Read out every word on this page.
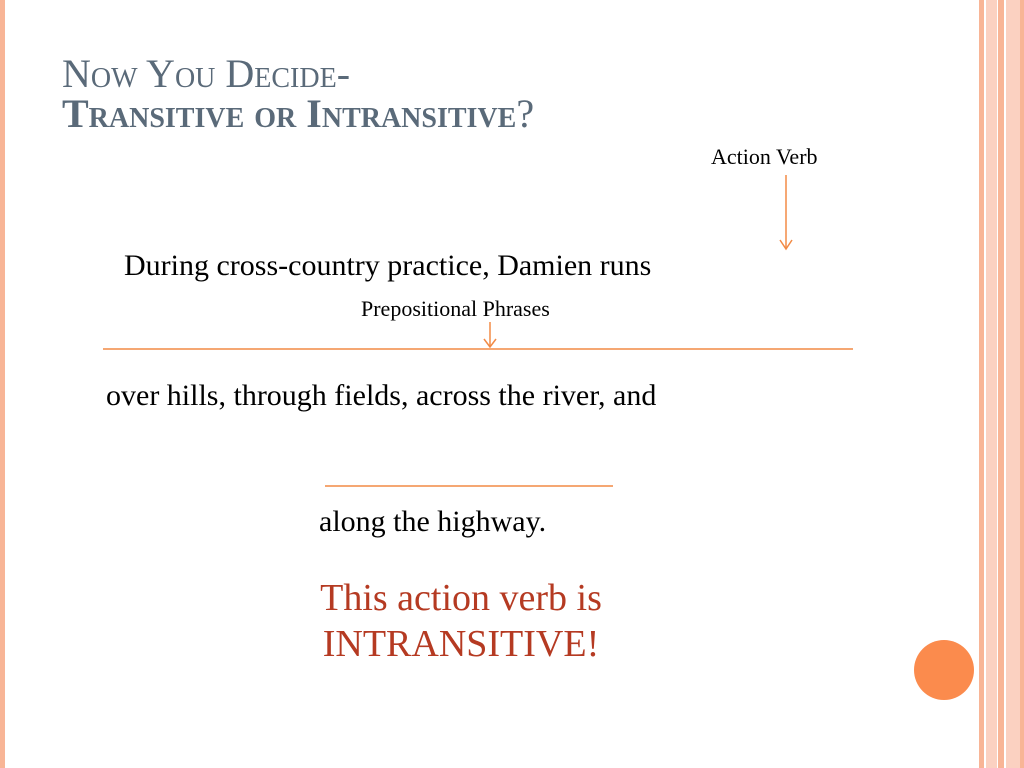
Now You Decide-
Transitive or Intransitive?
Action Verb
During cross-country practice, Damien runs
Prepositional Phrases
over hills, through fields, across the river, and
along the highway.
This action verb is
INTRANSITIVE!
